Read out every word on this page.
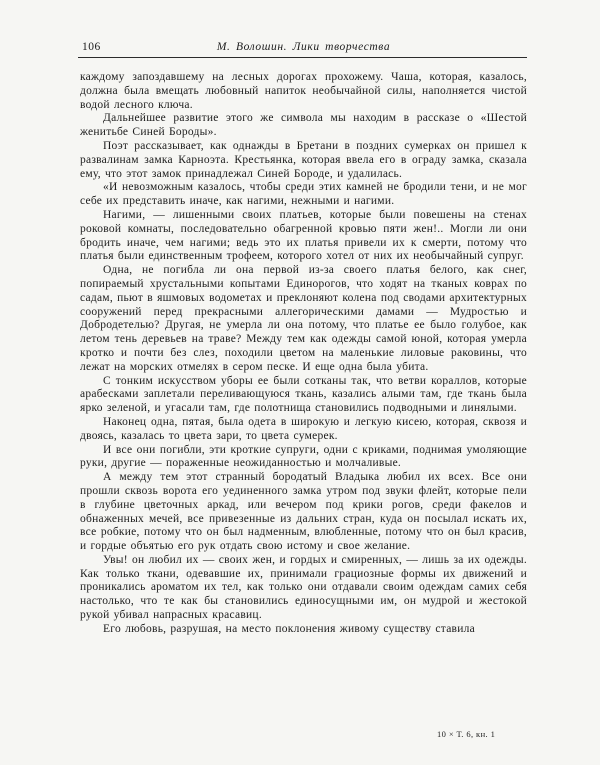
106	М. Волошин. Лики творчества

каждому запоздавшему на лесных дорогах прохожему. Чаша, которая, казалось, должна была вмещать любовный напиток необычайной силы, наполняется чистой водой лесного ключа.

Дальнейшее развитие этого же символа мы находим в рассказе о «Шестой женитьбе Синей Бороды».

Поэт рассказывает, как однажды в Бретани в поздних сумерках он пришел к развалинам замка Карноэта. Крестьянка, которая ввела его в ограду замка, сказала ему, что этот замок принадлежал Синей Бороде, и удалилась.

«И невозможным казалось, чтобы среди этих камней не бродили тени, и не мог себе их представить иначе, как нагими, нежными и нагими.

Нагими, — лишенными своих платьев, которые были повешены на стенах роковой комнаты, последовательно обагренной кровью пяти жен!.. Могли ли они бродить иначе, чем нагими; ведь это их платья привели их к смерти, потому что платья были единственным трофеем, которого хотел от них их необычайный супруг.

Одна, не погибла ли она первой из-за своего платья белого, как снег, попираемый хрустальными копытами Единорогов, что ходят на тканых коврах по садам, пьют в яшмовых водометах и преклоняют колена под сводами архитектурных сооружений перед прекрасными аллегорическими дамами — Мудростью и Добродетелью? Другая, не умерла ли она потому, что платье ее было голубое, как летом тень деревьев на траве? Между тем как одежды самой юной, которая умерла кротко и почти без слез, походили цветом на маленькие лиловые раковины, что лежат на морских отмелях в сером песке. И еще одна была убита.

С тонким искусством уборы ее были сотканы так, что ветви кораллов, которые арабесками заплетали переливающуюся ткань, казались алыми там, где ткань была ярко зеленой, и угасали там, где полотнища становились подводными и линялыми.

Наконец одна, пятая, была одета в широкую и легкую кисею, которая, сквозя и двоясь, казалась то цвета зари, то цвета сумерек.

И все они погибли, эти кроткие супруги, одни с криками, поднимая умоляющие руки, другие — пораженные неожиданностью и молчаливые.

А между тем этот странный бородатый Владыка любил их всех. Все они прошли сквозь ворота его уединенного замка утром под звуки флейт, которые пели в глубине цветочных аркад, или вечером под крики рогов, среди факелов и обнаженных мечей, все привезенные из дальних стран, куда он посылал искать их, все робкие, потому что он был надменным, влюбленные, потому что он был красив, и гордые объятью его рук отдать свою истому и свое желание.

Увы! он любил их — своих жен, и гордых и смиренных, — лишь за их одежды. Как только ткани, одевавшие их, принимали грациозные формы их движений и проникались ароматом их тел, как только они отдавали своим одеждам самих себя настолько, что те как бы становились единосущными им, он мудрой и жестокой рукой убивал напрасных красавиц.

Его любовь, разрушая, на место поклонения живому существу ставила

10 × Т. 6, кн. 1
